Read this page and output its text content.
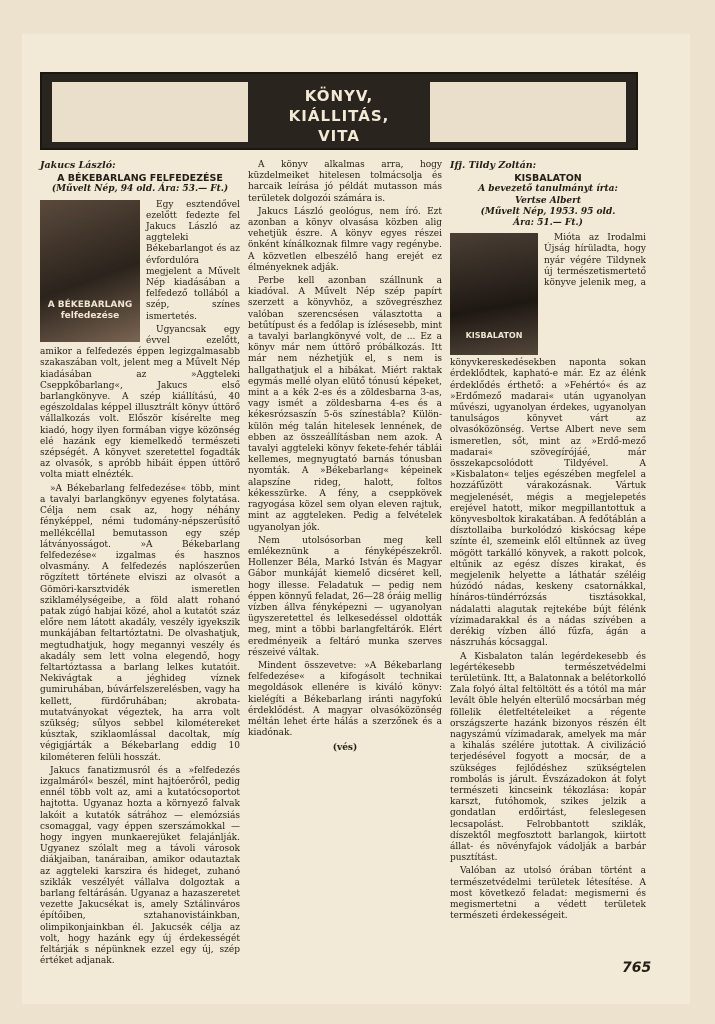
KÖNYV, KIÁLLITÁS,
VITA
Jakucs László:
A BÉKEBARLANG FELFEDEZÉSE
(Művelt Nép, 94 old. Ára: 53.— Ft.)
A BÉKEBARLANG felfedezése

Egy esztendővel ezelőtt fedezte fel Jakucs László az aggteleki Békebarlangot és az évfordulóra megjelent a Művelt Nép kiadásában a felfedező tollából a szép, színes ismertetés.

Ugyancsak egy évvel ezelőtt, amikor a felfedezés éppen legizgalmasabb szakaszában volt, jelent meg a Művelt Nép kiadásában az »Aggteleki Cseppkőbarlang«, Jakucs első barlangkönyve. A szép kiállítású, 40 egészoldalas képpel illusztrált könyv úttörő vállalkozás volt. Először kísérelte meg kiadó, hogy ilyen formában vigye közönség elé hazánk egy kiemelkedő természeti szépségét. A könyvet szeretettel fogadták az olvasók, s apróbb hibáit éppen úttörő volta miatt elnézték.

»A Békebarlang felfedezése« több, mint a tavalyi barlangkönyv egyenes folytatása. Célja nem csak az, hogy néhány fényképpel, némi tudomány-népszerűsítő mellékcéllal bemutasson egy szép látványosságot. »A Békebarlang felfedezése« izgalmas és hasznos olvasmány. A felfedezés naplószerűen rögzített története elviszi az olvasót a Gömöri-karsztvidék ismeretlen sziklamélységeibe, a föld alatt rohanó patak zúgó habjai közé, ahol a kutatót száz előre nem látott akadály, veszély igyekszik munkájában feltartóztatni. De olvashatjuk, megtudhatjuk, hogy megannyi veszély és akadály sem lett volna elegendő, hogy feltartóztassa a barlang lelkes kutatóit. Nekivágtak a jéghideg víznek gumiruhában, búvárfelszerelésben, vagy ha kellett, fürdőruhában; akrobata-mutatványokat végeztek, ha arra volt szükség; sűlyos sebbel kilométereket kúsztak, sziklaomlással dacoltak, míg végigjárták a Békebarlang eddig 10 kilométeren felüli hosszát.

Jakucs fanatizmusról és a »felfedezés izgalmáról« beszél, mint hajtóerőről, pedig ennél több volt az, ami a kutatócsoportot hajtotta. Ugyanaz hozta a környező falvak lakóit a kutatók sátrához — elemózsiás csomaggal, vagy éppen szerszámokkal — hogy ingyen munkaerejüket felajánlják. Ugyanez szólalt meg a távoli városok diákjaiban, tanáraiban, amikor odautaztak az aggteleki karszira és hideget, zuhanó sziklák veszélyét vállalva dolgoztak a barlang feltárásán. Ugyanaz a hazaszeretet vezette Jakucsékat is, amely Sztálinváros építőiben, sztahanovistáinkban, olimpikonjainkban él. Jakucsék célja az volt, hogy hazánk egy új érdekességét feltárják s népünknek ezzel egy új, szép értéket adjanak.

A könyv alkalmas arra, hogy küzdelmeiket hitelesen tolmácsolja és harcaik leírása jó példát mutasson más területek dolgozói számára is.

Jakucs László geológus, nem író. Ezt azonban a könyv olvasása közben alig vehetjük észre. A könyv egyes részei önként kínálkoznak filmre vagy regénybe. A közvetlen elbeszélő hang erejét ez élményeknek adják.

Perbe kell azonban szállnunk a kiadóval. A Művelt Nép szép papírt szerzett a könyvhöz, a szövegrészhez valóban szerencsésen választotta a betűtípust és a fedőlap is ízlésesebb, mint a tavalyi barlangkönyvé volt, de ... Ez a könyv már nem úttörő próbálkozás. Itt már nem nézhetjük el, s nem is hallgathatjuk el a hibákat. Miért raktak egymás mellé olyan elütő tónusú képeket, mint a a kék 2-es és a zöldesbarna 3-as, vagy ismét a zöldesbarna 4-es és a kékesrózsaszín 5-ös színestábla? Külön-külön még talán hitelesek lennének, de ebben az összeállításban nem azok. A tavalyi aggteleki könyv fekete-fehér táblái kellemes, megnyugtató barnás tónusban nyomták. A »Békebarlang« képeinek alapszíne rideg, halott, foltos kékesszürke. A fény, a cseppkövek ragyogása közel sem olyan eleven rajtuk, mint az aggteleken. Pedig a felvételek ugyanolyan jók.

Nem utolsósorban meg kell emlékeznünk a fényképészekről. Hollenzer Béla, Markó István és Magyar Gábor munkáját kiemelő dicséret kell, hogy illesse. Feladatuk — pedig nem éppen könnyű feladat, 26—28 óráig mellig vízben állva fényképezni — ugyanolyan ügyszeretettel és lelkesedéssel oldották meg, mint a többi barlangfeltárók. Elért eredményeik a feltáró munka szerves részeivé váltak.

Mindent összevetve: »A Békebarlang felfedezése« a kifogásolt technikai megoldások ellenére is kiváló könyv: kielégíti a Békebarlang iránti nagyfokú érdeklődést. A magyar olvasóközönség méltán lehet érte hálás a szerzőnek és a kiadónak.

(vés)
Ifj. Tildy Zoltán:
KISBALATON
A bevezető tanulmányt írta:
Vertse Albert
(Művelt Nép, 1953. 95 old.
Ára: 51.— Ft.)
KISBALATON

Mióta az Irodalmi Újság hírüladta, hogy nyár végére Tildynek új természetismertető könyve jelenik meg, a könyvkereskedésekben naponta sokan érdeklődtek, kapható-e már. Ez az élénk érdeklődés érthető: a »Fehértó« és az »Erdőmező madarai« után ugyanolyan művészi, ugyanolyan érdekes, ugyanolyan tanulságos könyvet várt az olvasóközönség. Vertse Albert neve sem ismeretlen, sőt, mint az »Erdő-mező madarai« szövegírójáé, már összekapcsolódott Tildyével. A »Kisbalaton« teljes egészében megfelel a hozzáfűzött várakozásnak. Vártuk megjelenését, mégis a megjelepetés erejével hatott, mikor megpillantottuk a könyvesboltok kirakatában. A fedőtáblán a dísztollaiba burkolódzó kiskócsag képe színte él, szemeink elől eltűnnek az üveg mögött tarkálló könyvek, a rakott polcok, eltűnik az egész díszes kirakat, és megjelenik helyette a láthatár széléig húzódó nádas, keskeny csatornákkal, hínáros-tündérrózsás tisztásokkal, nádalatti alagutak rejtekébe bújt félénk vízimadarakkal és a nádas szívében a derékig vízben álló fűzfa, ágán a nászruhás kócsaggal.

A Kisbalaton talán legérdekesebb és legértékesebb természetvédelmi területünk. Itt, a Balatonnak a belétorkolló Zala folyó által feltöltött és a tótól ma már levált öble helyén elterülő mocsárban még föllelik életfeltételeiket a régente országszerte hazánk bizonyos részén élt nagyszámú vízimadarak, amelyek ma már a kihalás szélére jutottak. A civilizáció terjedésével fogyott a mocsár, de a szükséges fejlődéshez szükségtelen rombolás is járult. Évszázadokon át folyt természeti kincseink tékozlása: kopár karszt, futóhomok, szikes jelzik a gondatlan erdőirtást, feleslegesen lecsapolást. Felrobbantott sziklák, díszektől megfosztott barlangok, kiirtott állat- és növényfajok vádolják a barbár pusztítást.

Valóban az utolsó órában történt a természetvédelmi területek létesítése. A most következő feladat: megismerni és megismertetni a védett területek természeti érdekességeit.

765
